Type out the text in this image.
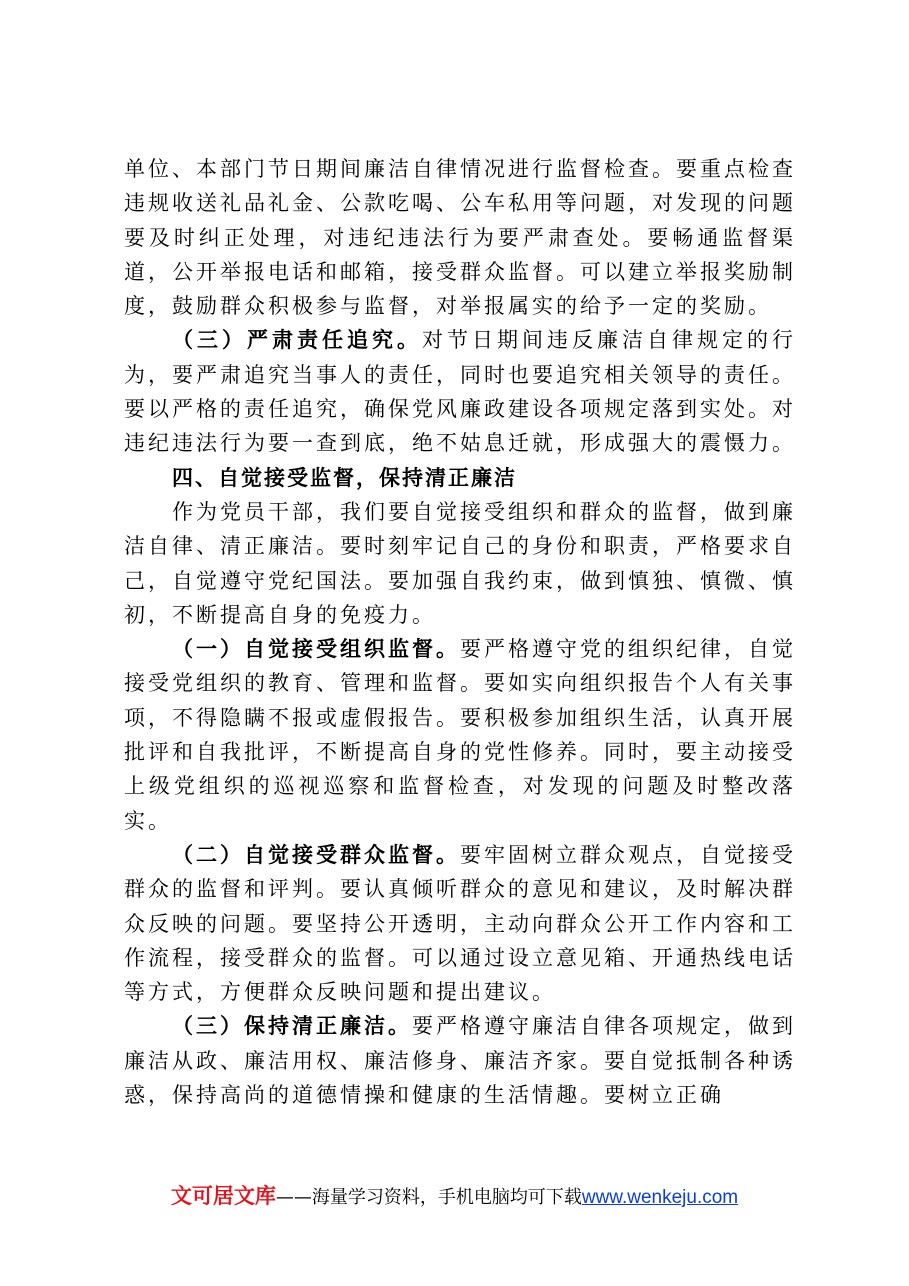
单位、本部门节日期间廉洁自律情况进行监督检查。要重点检查违规收送礼品礼金、公款吃喝、公车私用等问题，对发现的问题要及时纠正处理，对违纪违法行为要严肃查处。要畅通监督渠道，公开举报电话和邮箱，接受群众监督。可以建立举报奖励制度，鼓励群众积极参与监督，对举报属实的给予一定的奖励。

（三）严肃责任追究。对节日期间违反廉洁自律规定的行为，要严肃追究当事人的责任，同时也要追究相关领导的责任。要以严格的责任追究，确保党风廉政建设各项规定落到实处。对违纪违法行为要一查到底，绝不姑息迁就，形成强大的震慑力。

四、自觉接受监督，保持清正廉洁

作为党员干部，我们要自觉接受组织和群众的监督，做到廉洁自律、清正廉洁。要时刻牢记自己的身份和职责，严格要求自己，自觉遵守党纪国法。要加强自我约束，做到慎独、慎微、慎初，不断提高自身的免疫力。

（一）自觉接受组织监督。要严格遵守党的组织纪律，自觉接受党组织的教育、管理和监督。要如实向组织报告个人有关事项，不得隐瞒不报或虚假报告。要积极参加组织生活，认真开展批评和自我批评，不断提高自身的党性修养。同时，要主动接受上级党组织的巡视巡察和监督检查，对发现的问题及时整改落实。

（二）自觉接受群众监督。要牢固树立群众观点，自觉接受群众的监督和评判。要认真倾听群众的意见和建议，及时解决群众反映的问题。要坚持公开透明，主动向群众公开工作内容和工作流程，接受群众的监督。可以通过设立意见箱、开通热线电话等方式，方便群众反映问题和提出建议。

（三）保持清正廉洁。要严格遵守廉洁自律各项规定，做到廉洁从政、廉洁用权、廉洁修身、廉洁齐家。要自觉抵制各种诱惑，保持高尚的道德情操和健康的生活情趣。要树立正确

文可居文库——海量学习资料，手机电脑均可下载www.wenkeju.com
